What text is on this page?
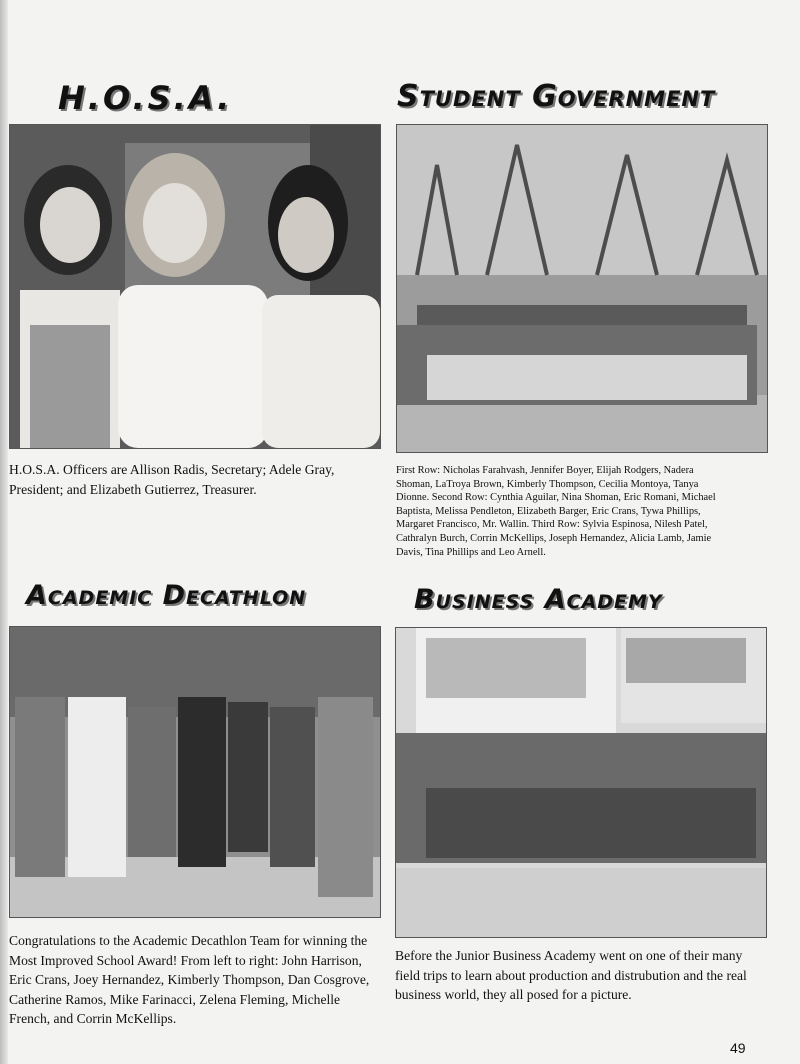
H.O.S.A.

H.O.S.A. Officers are Allison Radis, Secretary; Adele Gray, President; and Elizabeth Gutierrez, Treasurer.

Student Government

First Row: Nicholas Farahvash, Jennifer Boyer, Elijah Rodgers, Nadera Shoman, LaTroya Brown, Kimberly Thompson, Cecilia Montoya, Tanya Dionne. Second Row: Cynthia Aguilar, Nina Shoman, Eric Romani, Michael Baptista, Melissa Pendleton, Elizabeth Barger, Eric Crans, Tywa Phillips, Margaret Francisco, Mr. Wallin. Third Row: Sylvia Espinosa, Nilesh Patel, Cathralyn Burch, Corrin McKellips, Joseph Hernandez, Alicia Lamb, Jamie Davis, Tina Phillips and Leo Arnell.

Academic Decathlon

Congratulations to the Academic Decathlon Team for winning the Most Improved School Award! From left to right: John Harrison, Eric Crans, Joey Hernandez, Kimberly Thompson, Dan Cosgrove, Catherine Ramos, Mike Farinacci, Zelena Fleming, Michelle French, and Corrin McKellips.

Business Academy

Before the Junior Business Academy went on one of their many field trips to learn about production and distrubution and the real business world, they all posed for a picture.

49
